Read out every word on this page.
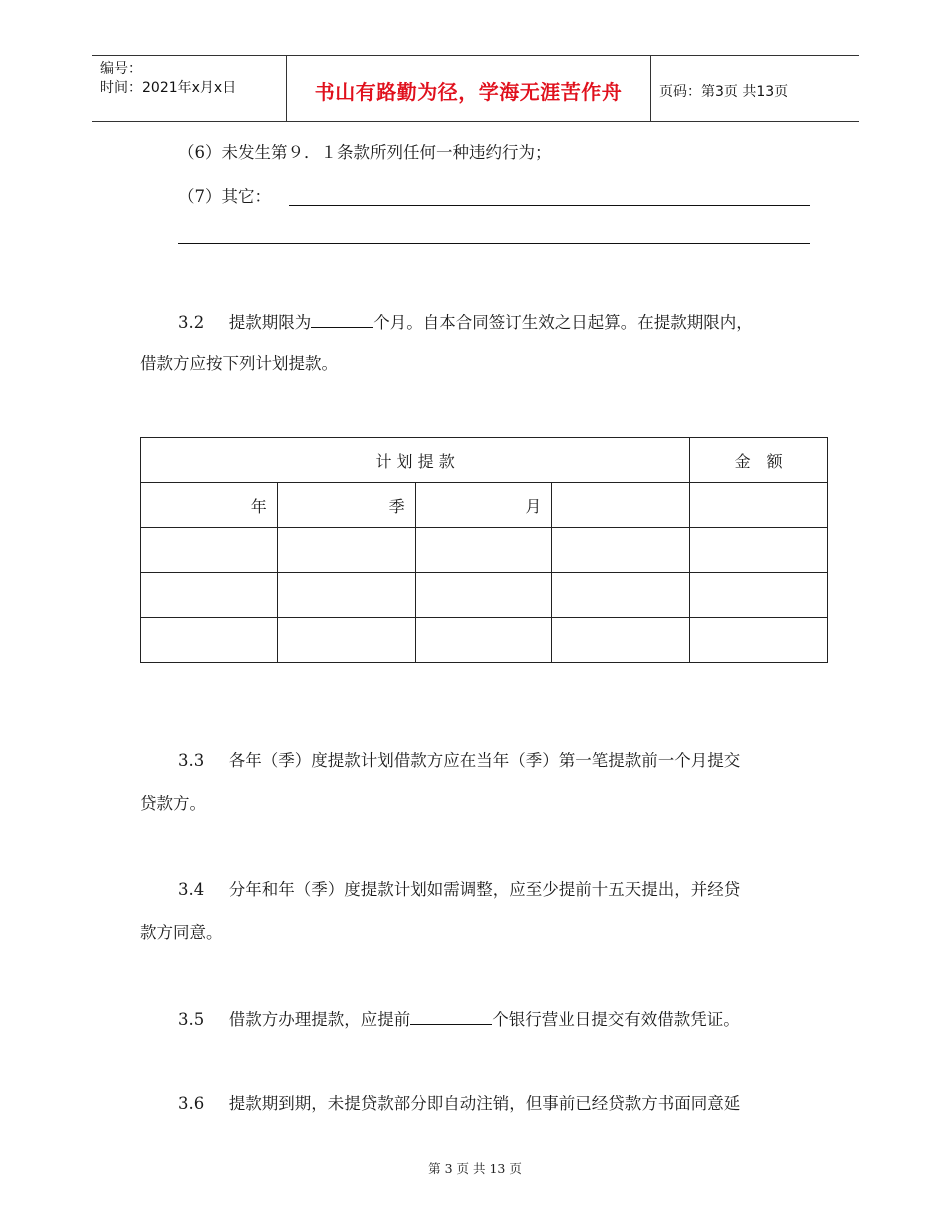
编号：
时间：2021年x月x日	书山有路勤为径，学海无涯苦作舟	页码：第3页 共13页
（6）未发生第９．１条款所列任何一种违约行为；
（7）其它：
3.2 提款期限为	个月。自本合同签订生效之日起算。在提款期限内，
借款方应按下列计划提款。
计 划 提 款				金　额
年	季	月		

3.3 各年（季）度提款计划借款方应在当年（季）第一笔提款前一个月提交
贷款方。
3.4 分年和年（季）度提款计划如需调整，应至少提前十五天提出，并经贷
款方同意。
3.5 借款方办理提款，应提前	个银行营业日提交有效借款凭证。
3.6 提款期到期，未提贷款部分即自动注销，但事前已经贷款方书面同意延
第 3 页 共 13 页
